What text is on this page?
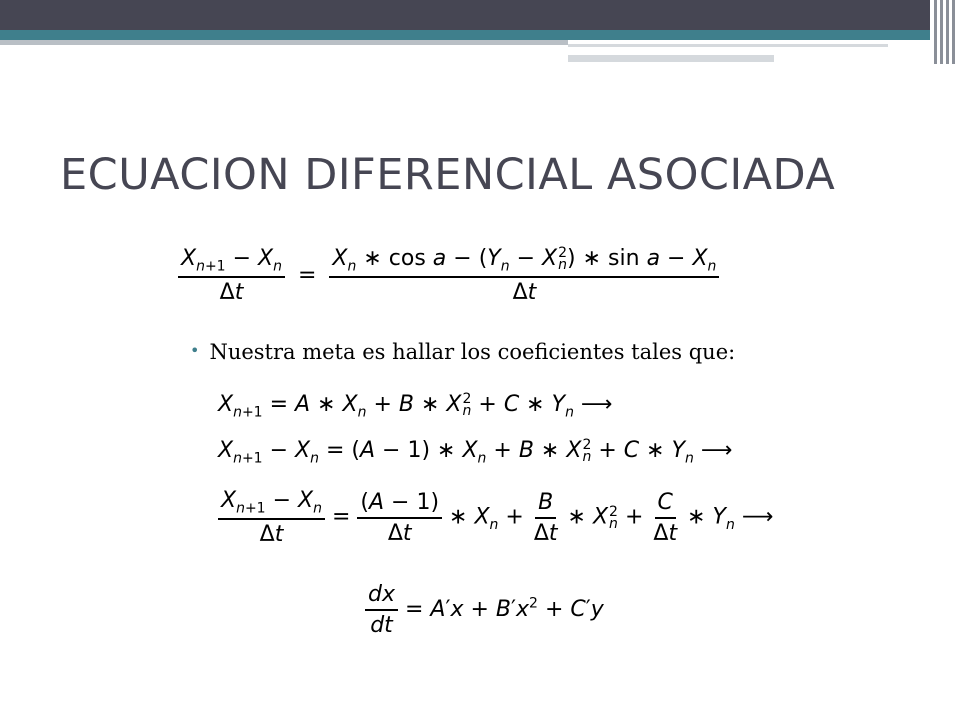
ECUACION DIFERENCIAL ASOCIADA
$\frac{X_{n+1} - X_n}{\Delta t} = X_n$ ∗ $\cos a - (Y_n - X$ 2
n ) ∗ $\sin a - X_n$
Δt
• Nuestra meta es hallar los coeficientes tales que:
$X_{n+1} = A$ ∗ $X_n + B$ ∗ X 2
n + C ∗ $Y_n$ ⟶
$X_{n+1} - X_n = (A - 1)$ ∗ $X_n + B$ ∗ X 2
n + C ∗ $Y_n$ ⟶
$\frac{X_{n+1} - X_n}{\Delta t} = \frac{(A - 1)}{\Delta t}$ ∗ $X_n + \frac{B}{\Delta t}$ ∗ X 2
$n + \frac{C}{\Delta t}$ ∗ $Y_n$ ⟶
$\frac{dx}{dt} = A'x + B'x^2 + C'y$
